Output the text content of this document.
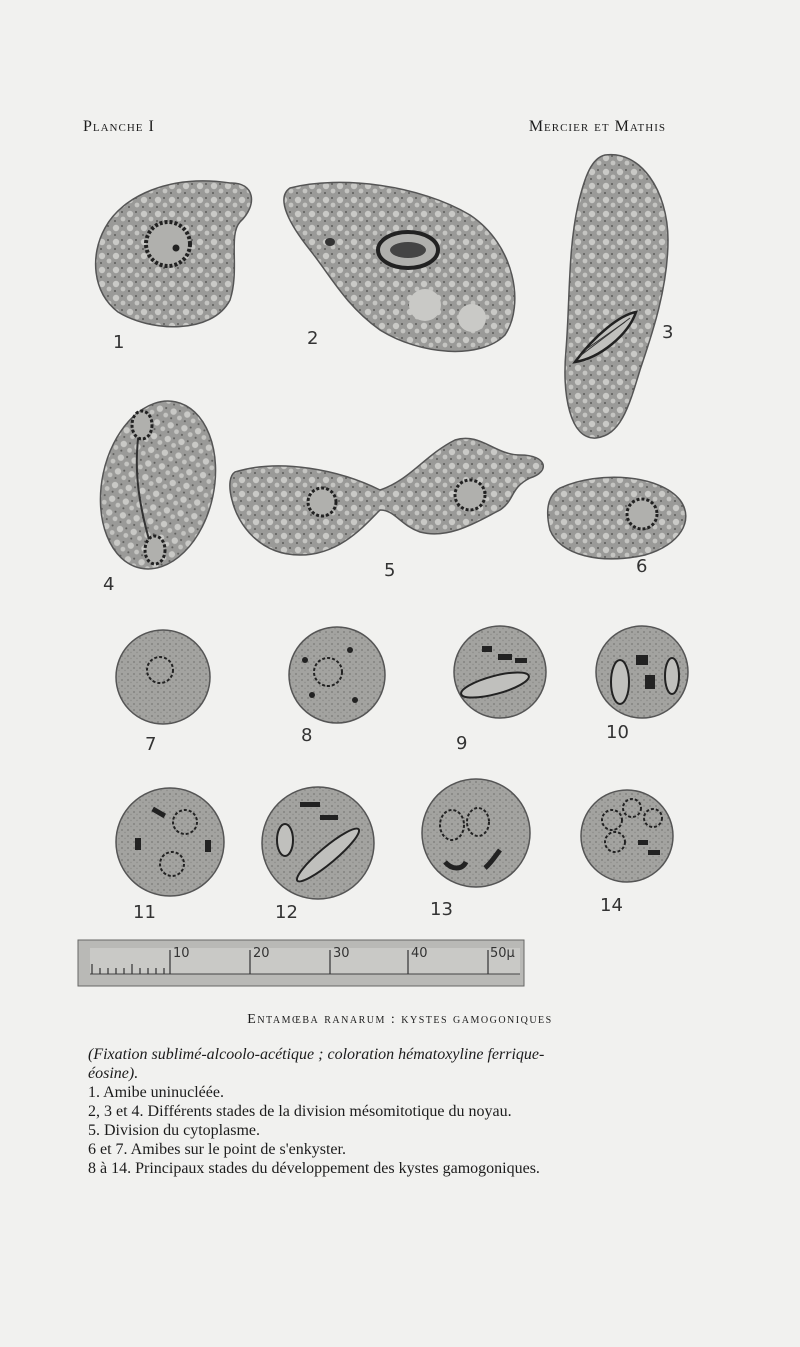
Planche I	Mercier et Mathis
10	20	30	40	50μ
1	2	3
4
5	6
7	8	9
10
11	12	13	14
Entamœba ranarum : kystes gamogoniques
(Fixation sublimé-alcoolo-acétique ; coloration hématoxyline ferrique-
éosine).
1. Amibe uninucléée.
2, 3 et 4. Différents stades de la division mésomitotique du noyau.
5. Division du cytoplasme.
6 et 7. Amibes sur le point de s'enkyster.
8 à 14. Principaux stades du développement des kystes gamogoniques.
